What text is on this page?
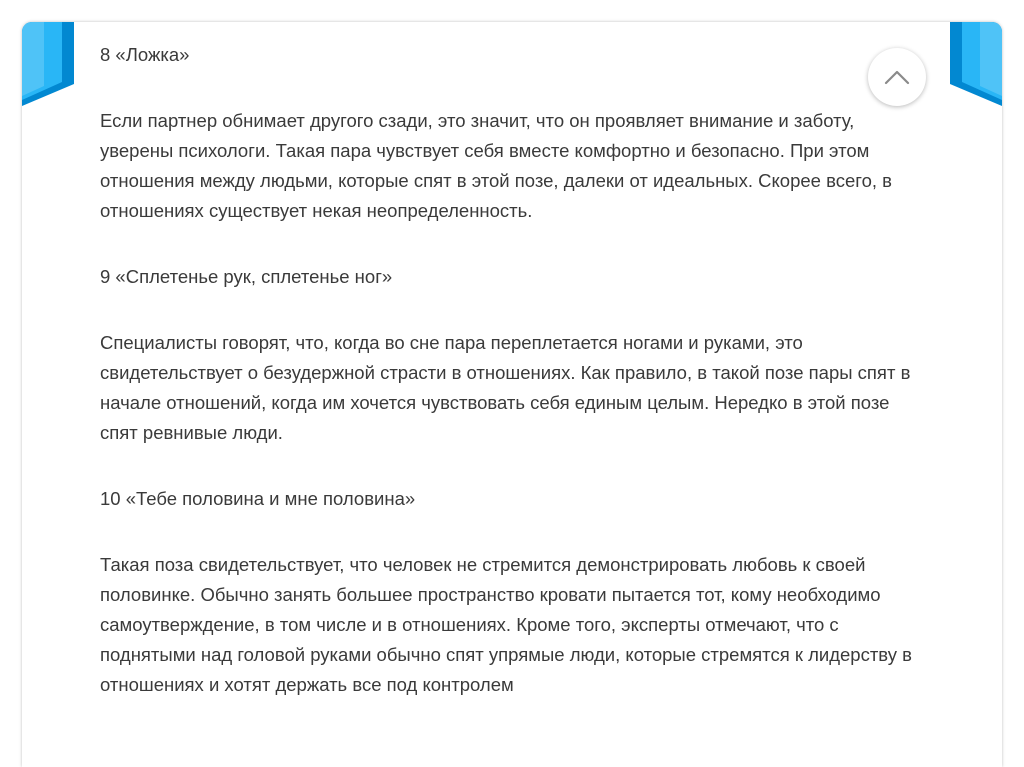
8 «Ложка»

Если партнер обнимает другого сзади, это значит, что он проявляет внимание и заботу, уверены психологи. Такая пара чувствует себя вместе комфортно и безопасно. При этом отношения между людьми, которые спят в этой позе, далеки от идеальных. Скорее всего, в отношениях существует некая неопределенность.

9 «Сплетенье рук, сплетенье ног»

Специалисты говорят, что, когда во сне пара переплетается ногами и руками, это свидетельствует о безудержной страсти в отношениях. Как правило, в такой позе пары спят в начале отношений, когда им хочется чувствовать себя единым целым. Нередко в этой позе спят ревнивые люди.

10 «Тебе половина и мне половина»

Такая поза свидетельствует, что человек не стремится демонстрировать любовь к своей половинке. Обычно занять большее пространство кровати пытается тот, кому необходимо самоутверждение, в том числе и в отношениях. Кроме того, эксперты отмечают, что с поднятыми над головой руками обычно спят упрямые люди, которые стремятся к лидерству в отношениях и хотят держать все под контролем
